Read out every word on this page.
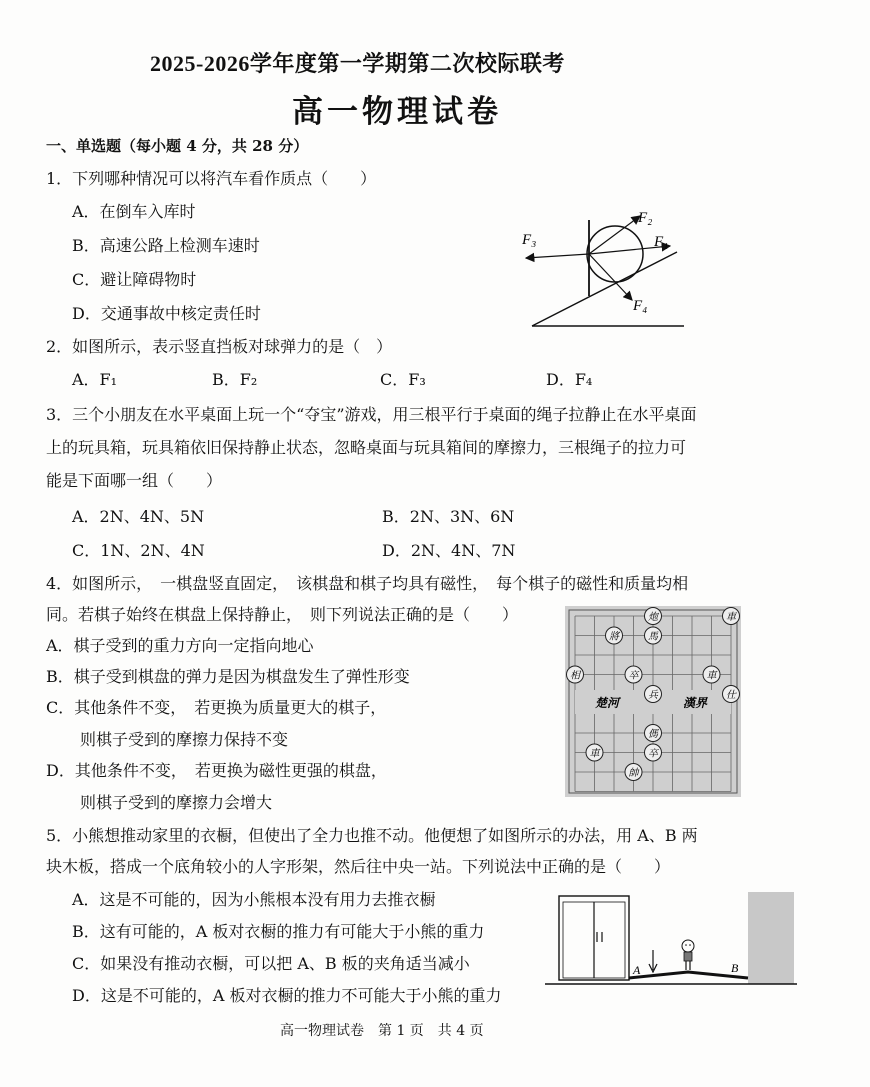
2025-2026学年度第一学期第二次校际联考
高一物理试卷
一、单选题（每小题 4 分，共 28 分）
1．下列哪种情况可以将汽车看作质点（　　）
A．在倒车入库时
B．高速公路上检测车速时
C．避让障碍物时
D．交通事故中核定责任时
F₂
F₁
F₃
F₄
2．如图所示，表示竖直挡板对球弹力的是（　）
A．F₁	B．F₂	C．F₃	D．F₄
3．三个小朋友在水平桌面上玩一个“夺宝”游戏，用三根平行于桌面的绳子拉静止在水平桌面
上的玩具箱，玩具箱依旧保持静止状态，忽略桌面与玩具箱间的摩擦力，三根绳子的拉力可
能是下面哪一组（　　）
A．2N、4N、5N	B．2N、3N、6N
C．1N、2N、4N	D．2N、4N、7N
4．如图所示，　一棋盘竖直固定，　该棋盘和棋子均具有磁性，　每个棋子的磁性和质量均相
同。若棋子始终在棋盘上保持静止，　则下列说法正确的是（　　）
A．棋子受到的重力方向一定指向地心
B．棋子受到棋盘的弹力是因为棋盘发生了弹性形变
C．其他条件不变，　若更换为质量更大的棋子，
则棋子受到的摩擦力保持不变
D．其他条件不变，　若更换为磁性更强的棋盘，
则棋子受到的摩擦力会增大
楚河	漢界
炮
馬
車
將
卒	車
相
兵
帥
車	卒
傌
仕
5．小熊想推动家里的衣橱，但使出了全力也推不动。他便想了如图所示的办法，用 A、B 两
块木板，搭成一个底角较小的人字形架，然后往中央一站。下列说法中正确的是（　　）
A．这是不可能的，因为小熊根本没有用力去推衣橱
B．这有可能的，A 板对衣橱的推力有可能大于小熊的重力
C．如果没有推动衣橱，可以把 A、B 板的夹角适当减小
D．这是不可能的，A 板对衣橱的推力不可能大于小熊的重力
A	B
高一物理试卷　第 1 页　共 4 页
